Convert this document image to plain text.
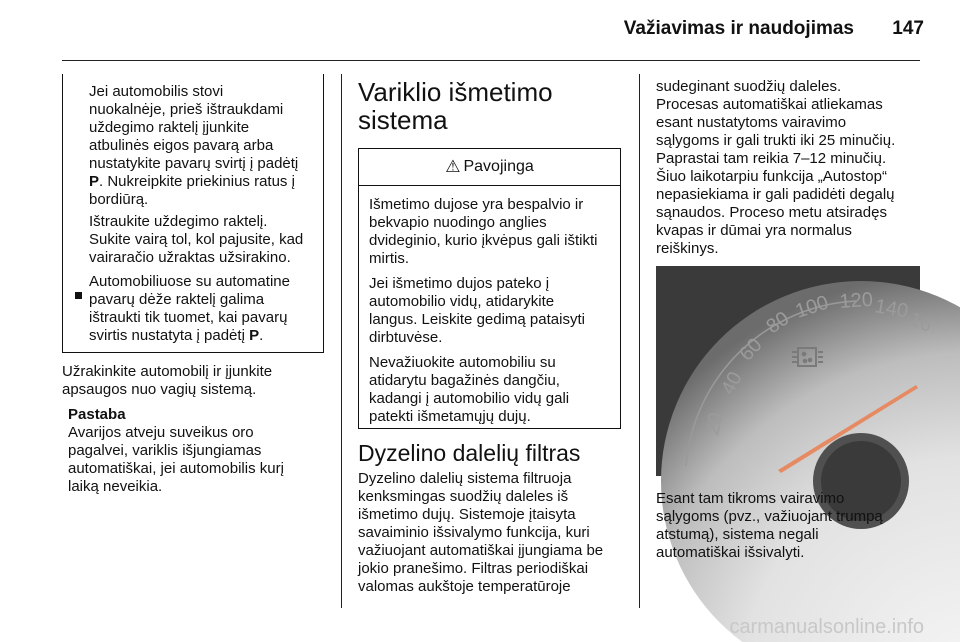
Važiavimas ir naudojimas 147
Jei automobilis stovi
nuokalnėje, prieš ištraukdami
uždegimo raktelį įjunkite
atbulinės eigos pavarą arba
nustatykite pavarų svirtį į padėtį
P. Nukreipkite priekinius ratus į
bordiūrą.
Ištraukite uždegimo raktelį.
Sukite vairą tol, kol pajusite, kad
vairaračio užraktas užsirakino.
Automobiliuose su automatine
pavarų dėže raktelį galima
ištraukti tik tuomet, kai pavarų
svirtis nustatyta į padėtį P.
Užrakinkite automobilį ir įjunkite
apsaugos nuo vagių sistemą.
Pastaba
Avarijos atveju suveikus oro
pagalvei, variklis išjungiamas
automatiškai, jei automobilis kurį
laiką neveikia.
Variklio išmetimo
sistema
⚠ Pavojinga
Išmetimo dujose yra bespalvio ir
bekvapio nuodingo anglies
dvideginio, kurio įkvėpus gali ištikti
mirtis.
Jei išmetimo dujos pateko į
automobilio vidų, atidarykite
langus. Leiskite gedimą pataisyti
dirbtuvėse.
Nevažiuokite automobiliu su
atidarytu bagažinės dangčiu,
kadangi į automobilio vidų gali
patekti išmetamųjų dujų.
Dyzelino dalelių filtras
Dyzelino dalelių sistema filtruoja
kenksmingas suodžių daleles iš
išmetimo dujų. Sistemoje įtaisyta
savaiminio išsivalymo funkcija, kuri
važiuojant automatiškai įjungiama be
jokio pranešimo. Filtras periodiškai
valomas aukštoje temperatūroje
sudeginant suodžių daleles.
Procesas automatiškai atliekamas
esant nustatytoms vairavimo
sąlygoms ir gali trukti iki 25 minučių.
Paprastai tam reikia 7–12 minučių.
Šiuo laikotarpiu funkcija „Autostop“
nepasiekiama ir gali padidėti degalų
sąnaudos. Proceso metu atsiradęs
kvapas ir dūmai yra normalus
reiškinys.
20
40
60
80
100 120 140
16
Esant tam tikroms vairavimo
sąlygoms (pvz., važiuojant trumpą
atstumą), sistema negali
automatiškai išsivalyti.
carmanualsonline.info
